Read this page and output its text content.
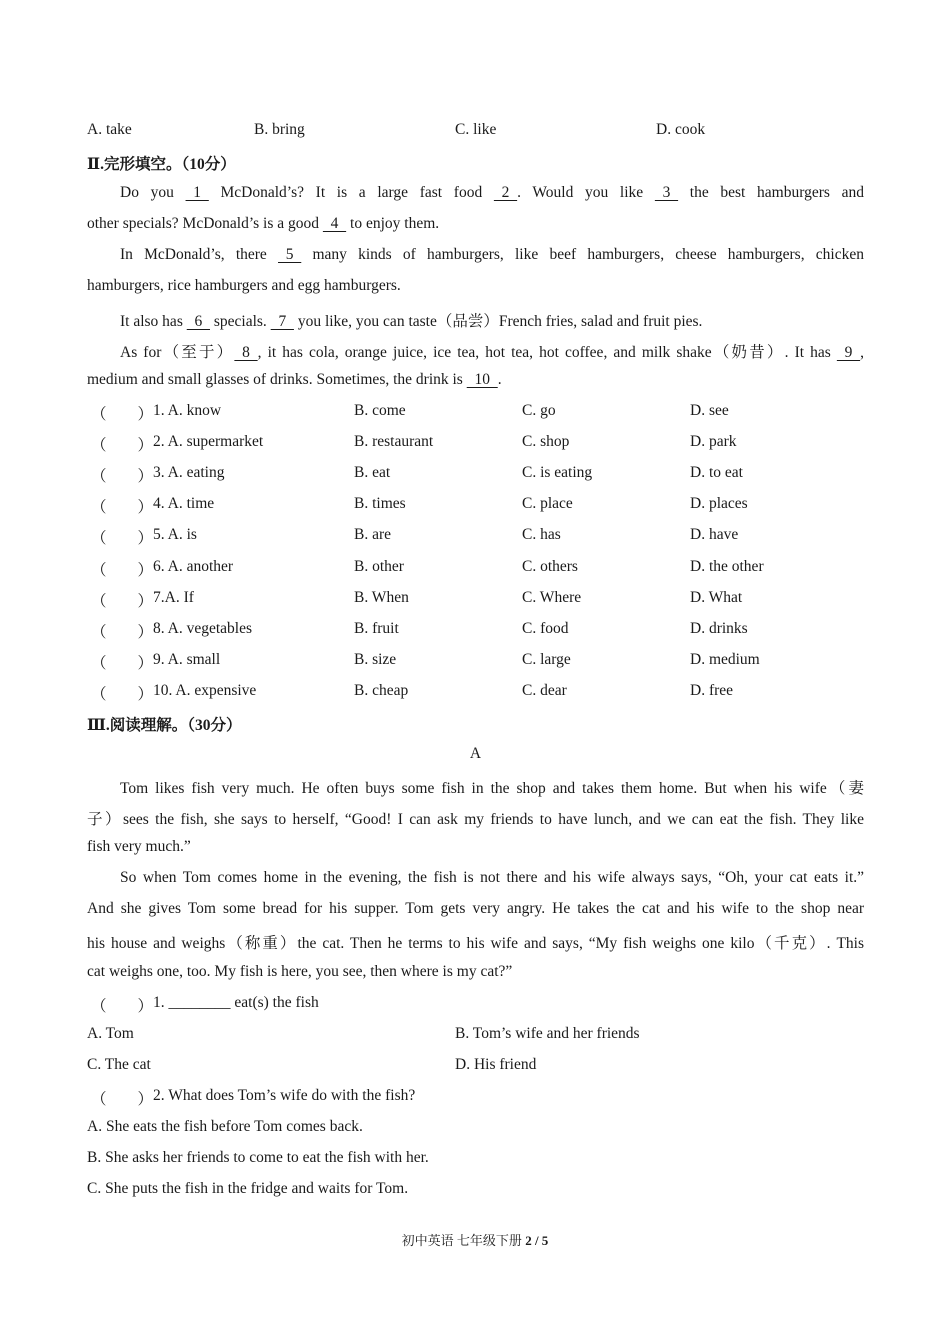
A. take	B. bring	C. like	D. cook
Ⅱ.完形填空。（10分）
Do you   1   McDonald’s? It is a large fast food   2  . Would you like   3   the best hamburgers and
other specials? McDonald’s is a good   4   to enjoy them.
In McDonald’s, there   5   many kinds of hamburgers, like beef hamburgers, cheese hamburgers, chicken
hamburgers, rice hamburgers and egg hamburgers.
It also has   6   specials.   7   you like, you can taste（品尝）French fries, salad and fruit pies.
As for（至于）  8  , it has cola, orange juice, ice tea, hot tea, hot coffee, and milk shake（奶昔）. It has   9  ,
medium and small glasses of drinks. Sometimes, the drink is   10  .
（　　） 1. A. know	B. come	C. go	D. see
（　　） 2. A. supermarket	B. restaurant	C. shop	D. park
（　　） 3. A. eating	B. eat	C. is eating	D. to eat
（　　） 4. A. time	B. times	C. place	D. places
（　　） 5. A. is	B. are	C. has	D. have
（　　） 6. A. another	B. other	C. others	D. the other
（　　） 7.A. If	B. When	C. Where	D. What
（　　） 8. A. vegetables	B. fruit	C. food	D. drinks
（　　） 9. A. small	B. size	C. large	D. medium
（　　） 10. A. expensive	B. cheap	C. dear	D. free
Ⅲ.阅读理解。（30分）
A
Tom likes fish very much. He often buys some fish in the shop and takes them home. But when his wife（妻
子）sees the fish, she says to herself, “Good! I can ask my friends to have lunch, and we can eat the fish. They like
fish very much.”
So when Tom comes home in the evening, the fish is not there and his wife always says, “Oh, your cat eats it.”
And she gives Tom some bread for his supper. Tom gets very angry. He takes the cat and his wife to the shop near
his house and weighs（称重）the cat. Then he terms to his wife and says, “My fish weighs one kilo（千克）. This
cat weighs one, too. My fish is here, you see, then where is my cat?”
（　　） 1. ________ eat(s) the fish
A. Tom	B. Tom’s wife and her friends
C. The cat	D. His friend
（　　） 2. What does Tom’s wife do with the fish?
A. She eats the fish before Tom comes back.
B. She asks her friends to come to eat the fish with her.
C. She puts the fish in the fridge and waits for Tom.
初中英语 七年级下册 2 / 5
